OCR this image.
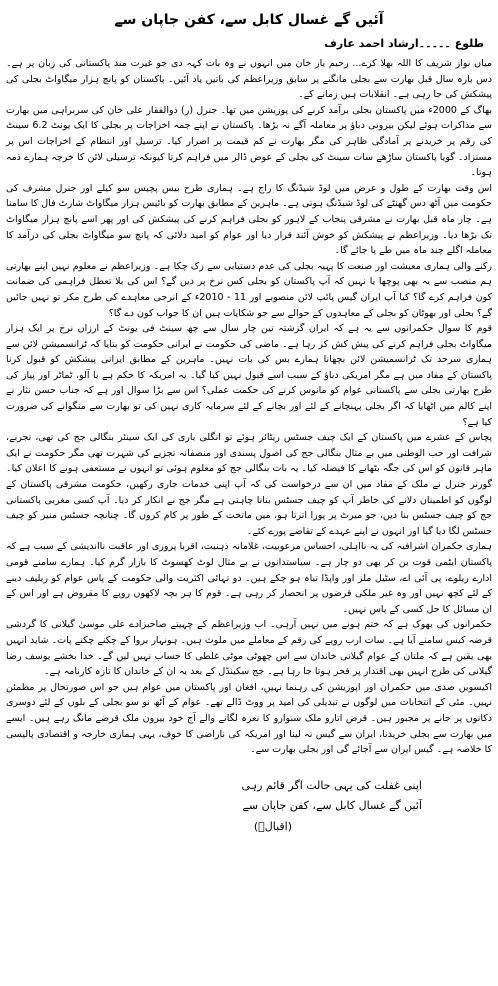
آئیں گے غسال کابل سے، کفن جاپان سے
طلوع ۔۔۔۔۔ارشاد احمد عارف

میاں نواز شریف کا اللہ بھلا کرے... رحیم یار خان میں انہوں نے وہ بات کہہ دی جو غیرت مند پاکستانی کی زبان پر ہے۔ دس بارہ سال قبل بھارت سے بجلی مانگنے پر سابق وزیراعظم کی باتیں یاد آئیں۔ پاکستان کو پانچ ہزار میگاواٹ بجلی کی پیشکش کی جا رہی ہے۔ انقلابات ہیں زمانے کے۔

بھاگ کے 2000ء میں پاکستان بجلی برآمد کرنے کی پوزیشن میں تھا۔ جنرل (ر) ذوالفقار علی خان کی سربراہی میں بھارت سے مذاکرات ہوئے لیکن بیرونی دباؤ پر معاملہ آگے نہ بڑھا۔ پاکستان نے اپنے جمہ اخراجات پر بجلی کا ایک یونٹ 6.2 سینٹ کی رقم پر خریدنے پر آمادگی ظاہر کی مگر بھارت نے کم قیمت پر اصرار کیا۔ ترسیل اور انتظام کے اخراجات اس پر مستزاد۔ گویا پاکستان ساڑھے سات سینٹ کی بجلی کے عوض ڈالر میں فراہم کرتا کیونکہ ترسیلی لائن کا خرچہ ہمارے ذمہ ہوتا۔

اس وقت بھارت کے طول و عرض میں لوڈ شیڈنگ کا راج ہے۔ ہماری طرح بیس پچیس سو کیلے اور جنرل مشرف کی حکومت میں آٹھ دس گھنٹے کی لوڈ شیڈنگ ہوتی ہے۔ ماہرین کے مطابق بھارت کو بائیس ہزار میگاواٹ شارٹ فال کا سامنا ہے۔ چار ماہ قبل بھارت نے مشرقی پنجاب کے لاہور کو بجلی فراہم کرنے کی پیشکش کی اور پھر اسے پانچ ہزار میگاواٹ تک بڑھا دیا۔ وزیراعظم نے پیشکش کو خوش آئند قرار دیا اور عوام کو امید دلائی کہ پانچ سو میگاواٹ بجلی کی درآمد کا معاملہ اگلے چند ماہ میں طے پا جائے گا۔

رکنے والی ہماری معیشت اور صنعت کا پہیہ بجلی کی عدم دستیابی سے رک چکا ہے۔ وزیراعظم نے معلوم نہیں اپنے بھارتی ہم منصب سے یہ بھی پوچھا یا نہیں کہ آپ پاکستان کو بجلی کس نرخ پر دیں گے؟ اس کی بلا تعطل فراہمی کی ضمانت کون فراہم کرے گا؟ کیا آپ ایران گیس پائپ لائن منصوبے اور 11 - 2010ء کے انرجی معاہدے کی طرح مکر تو نہیں جائیں گے؟ بجلی اور بھوٹان کو بجلی کے معاہدوں کے حوالے سے جو شکایات ہیں ان کا جواب کون دے گا؟

قوم کا سوال حکمرانوں سے یہ ہے کہ ایران گزشتہ تین چار سال سے چھ سینٹ فی یونٹ کے ارزاں نرخ پر ایک ہزار میگاواٹ بجلی فراہم کرنے کی پیش کش کر رہا ہے۔ ماضی کی حکومت نے ایرانی حکومت کو بتایا کہ ٹرانسمیشن لائن سے ہماری سرحد تک ٹرانسمیشن لائن بچھانا ہمارے بس کی بات نہیں۔ ماہرین کے مطابق ایرانی پیشکش کو قبول کرنا پاکستان کے مفاد میں ہے مگر امریکی دباؤ کے سبب اسے قبول نہیں کیا گیا۔ یہ امریکہ کا حکم ہے یا آلو، ٹماٹر اور پیاز کی طرح بھارتی بجلی سے پاکستانی عوام کو مانوس کرنے کی حکمت عملی؟ اس سے بڑا سوال اور ہے کہ جناب حسن نثار نے اپنے کالم میں اٹھایا کہ اگر بجلی پہنچانے کے لئے اور بچانے کے لئے سرمایہ کاری نہیں کی تو بھارت سے منگوانے کی ضرورت کیا ہے؟

پچاس کے عشرے میں پاکستان کے ایک چیف جسٹس ریٹائر ہوئے تو انگلی باری کی ایک سینئر بنگالی جج کی تھی، تجربے، شرافت اور حب الوطنی میں بے مثال بنگالی جج کی اصول پسندی اور منصفانہ تجزیے کی شہرت تھی مگر حکومت نے ایک ماہر قانون کو اس کی جگہ بٹھانے کا فیصلہ کیا۔ یہ بات بنگالی جج کو معلوم ہوئی تو انہوں نے مستعفی ہونے کا اعلان کیا۔ گورنر جنرل نے ملک کے مفاد میں ان سے درخواست کی کہ آپ اپنی خدمات جاری رکھیں، حکومت مشرقی پاکستان کے لوگوں کو اطمینان دلانے کی خاطر آپ کو چیف جسٹس بنانا چاہتی ہے مگر جج نے انکار کر دیا۔ آپ کسی مغربی پاکستانی جج کو چیف جسٹس بنا دیں، جو میرٹ پر پورا اترتا ہو، میں ماتحت کے طور پر کام کروں گا۔ چنانچہ جسٹس منیر کو چیف جسٹس لگا دیا گیا اور انہوں نے اپنے عہدے کے تقاضے پورے کئے۔

ہماری حکمران اشرافیہ کی یہ نااہلی، احساس مرعوبیت، غلامانہ ذہنیت، اقربا پروری اور عاقبت نااندیشی کے سبب ہے کہ پاکستان ایٹمی قوت بن کر بھی دو چار ہے۔ سیاستدانوں نے بے مثال لوٹ کھسوٹ کا بازار گرم کیا۔ ہمارے سامنے قومی ادارے ریلوے، پی آئی اے، سٹیل ملز اور واپڈا تباہ ہو چکے ہیں۔ دو تہائی اکثریت والی حکومت کے پاس عوام کو ریلیف دینے کے لئے کچھ نہیں اور وہ غیر ملکی قرضوں پر انحصار کر رہی ہے۔ قوم کا ہر بچہ لاکھوں روپے کا مقروض ہے اور اس کے ان مسائل کا حل کسی کے پاس نہیں۔

حکمرانوں کی بھوک ہے کہ ختم ہونے میں نہیں آرہی۔ اب وزیراعظم کے چہیتے صاحبزادے علی موسیٰ گیلانی کا گردشی قرضہ کیس سامنے آیا ہے۔ سات ارب روپے کی رقم کے معاملے میں ملوث ہیں۔ ہونہار بروا کے چکنے چکنے پات۔ شاید انہیں بھی یقین ہے کہ ملتان کے عوام گیلانی خاندان سے اس چھوٹی موٹی غلطی کا حساب نہیں لیں گے۔ خدا بخشے یوسف رضا گیلانی کی طرح انہیں بھی اقتدار پر فخر ہوتا جا رہا ہے۔ جج سکینڈل کے بعد یہ ان کے خاندان کا تازہ کارنامہ ہے۔

اکیسویں صدی میں حکمران اور اپوزیشن کی رہنما نہیں، افغان اور پاکستان میں عوام ہیں جو اس صورتحال پر مطمئن نہیں۔ مئی کے انتخابات میں لوگوں نے تبدیلی کی امید پر ووٹ ڈالے تھے۔ عوام کے آٹھ نو سو بجلی کے بلوں کے لئے دوسری دکانوں پر جانے پر مجبور ہیں۔ قرض اتارو ملک سنوارو کا نعرہ لگانے والے آج خود بیرون ملک قرضے مانگ رہے ہیں۔ ایسے میں بھارت سے بجلی خریدنا، ایران سے گیس نہ لینا اور امریکہ کی ناراضی کا خوف، یہی ہماری خارجہ و اقتصادی پالیسی کا خلاصہ ہے۔ گیس ایران سے آجائے گی اور بجلی بھارت سے۔

اپنی غفلت کی یہی حالت اگر قائم رہی
آئیں گے غسال کابل سے، کفن جاپان سے
(اقبالؒ)
